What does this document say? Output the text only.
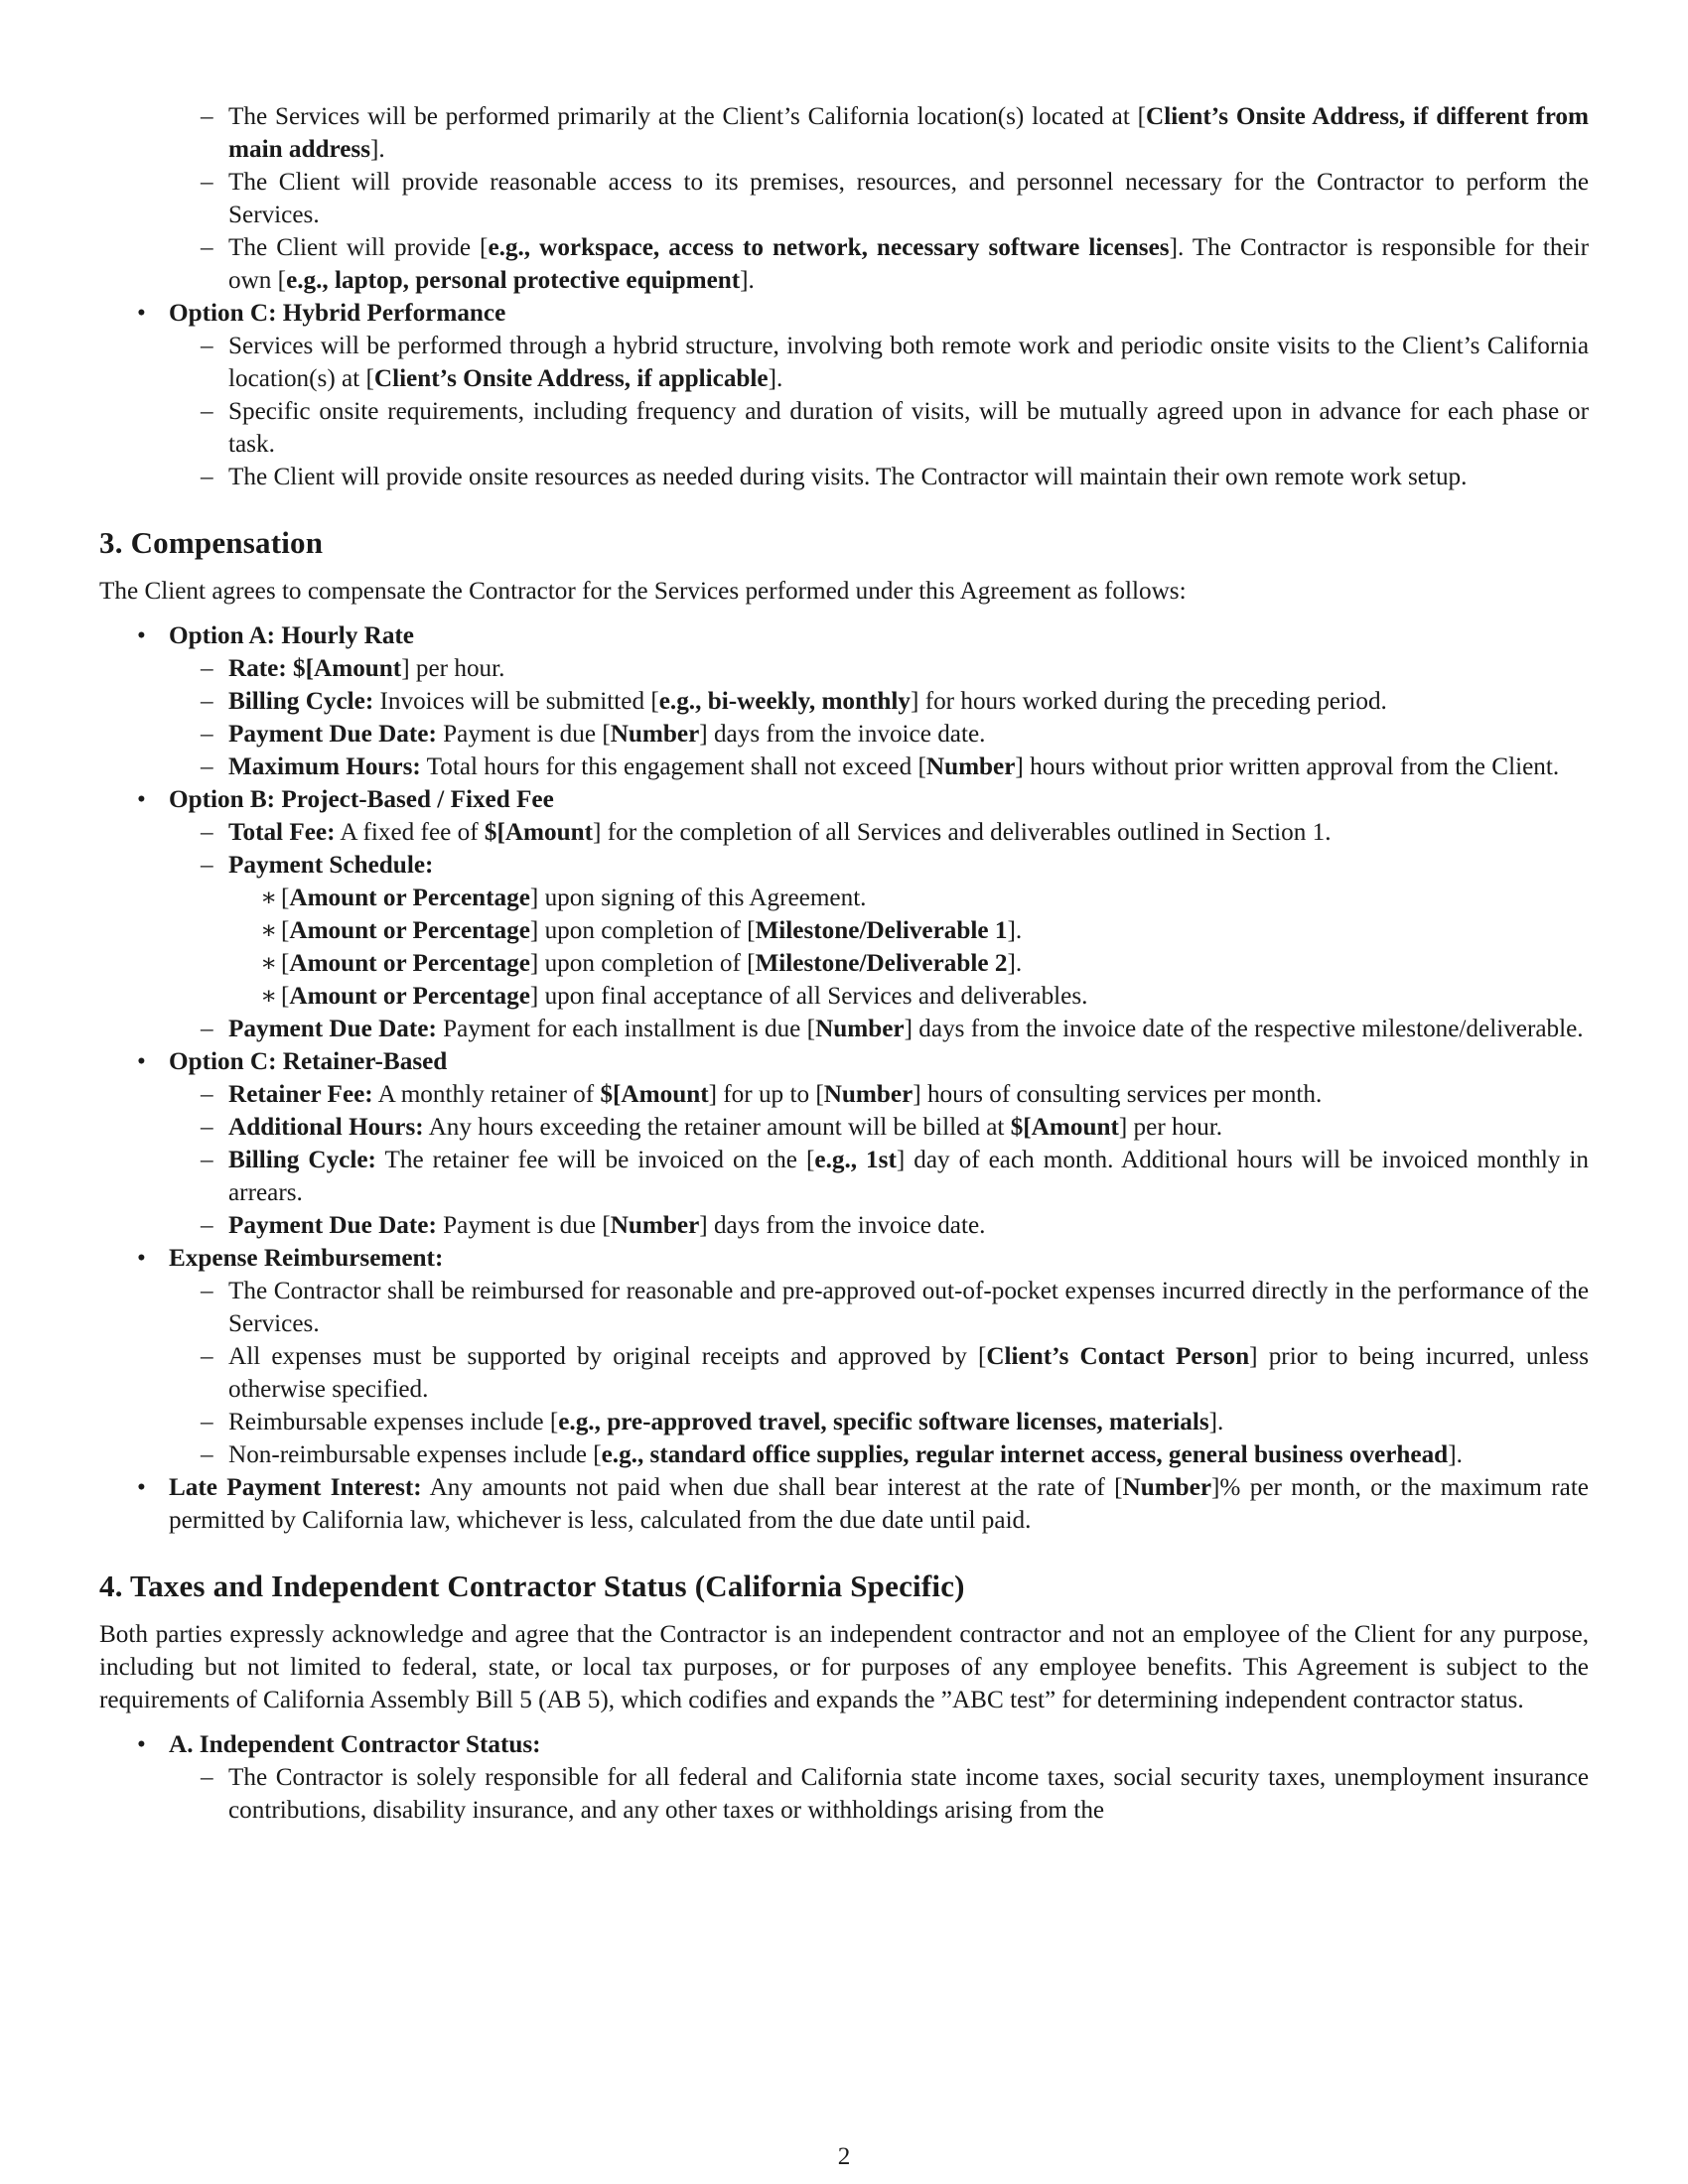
– The Services will be performed primarily at the Client’s California location(s) located at [Client’s Onsite Address, if different from main address].
– The Client will provide reasonable access to its premises, resources, and personnel necessary for the Contractor to perform the Services.
– The Client will provide [e.g., workspace, access to network, necessary software licenses]. The Contractor is responsible for their own [e.g., laptop, personal protective equipment].
• Option C: Hybrid Performance
– Services will be performed through a hybrid structure, involving both remote work and periodic onsite visits to the Client’s California location(s) at [Client’s Onsite Address, if applicable].
– Specific onsite requirements, including frequency and duration of visits, will be mutually agreed upon in advance for each phase or task.
– The Client will provide onsite resources as needed during visits. The Contractor will maintain their own remote work setup.
3. Compensation
The Client agrees to compensate the Contractor for the Services performed under this Agreement as follows:
• Option A: Hourly Rate
– Rate: $[Amount] per hour.
– Billing Cycle: Invoices will be submitted [e.g., bi-weekly, monthly] for hours worked during the preceding period.
– Payment Due Date: Payment is due [Number] days from the invoice date.
– Maximum Hours: Total hours for this engagement shall not exceed [Number] hours without prior written approval from the Client.
• Option B: Project-Based / Fixed Fee
– Total Fee: A fixed fee of $[Amount] for the completion of all Services and deliverables outlined in Section 1.
– Payment Schedule:
∗ [Amount or Percentage] upon signing of this Agreement.
∗ [Amount or Percentage] upon completion of [Milestone/Deliverable 1].
∗ [Amount or Percentage] upon completion of [Milestone/Deliverable 2].
∗ [Amount or Percentage] upon final acceptance of all Services and deliverables.
– Payment Due Date: Payment for each installment is due [Number] days from the invoice date of the respective milestone/deliverable.
• Option C: Retainer-Based
– Retainer Fee: A monthly retainer of $[Amount] for up to [Number] hours of consulting services per month.
– Additional Hours: Any hours exceeding the retainer amount will be billed at $[Amount] per hour.
– Billing Cycle: The retainer fee will be invoiced on the [e.g., 1st] day of each month. Additional hours will be invoiced monthly in arrears.
– Payment Due Date: Payment is due [Number] days from the invoice date.
• Expense Reimbursement:
– The Contractor shall be reimbursed for reasonable and pre-approved out-of-pocket expenses incurred directly in the performance of the Services.
– All expenses must be supported by original receipts and approved by [Client’s Contact Person] prior to being incurred, unless otherwise specified.
– Reimbursable expenses include [e.g., pre-approved travel, specific software licenses, materials].
– Non-reimbursable expenses include [e.g., standard office supplies, regular internet access, general business overhead].
• Late Payment Interest: Any amounts not paid when due shall bear interest at the rate of [Number]% per month, or the maximum rate permitted by California law, whichever is less, calculated from the due date until paid.
4. Taxes and Independent Contractor Status (California Specific)
Both parties expressly acknowledge and agree that the Contractor is an independent contractor and not an employee of the Client for any purpose, including but not limited to federal, state, or local tax purposes, or for purposes of any employee benefits. This Agreement is subject to the requirements of California Assembly Bill 5 (AB 5), which codifies and expands the ”ABC test” for determining independent contractor status.
• A. Independent Contractor Status:
– The Contractor is solely responsible for all federal and California state income taxes, social security taxes, unemployment insurance contributions, disability insurance, and any other taxes or withholdings arising from the
2
